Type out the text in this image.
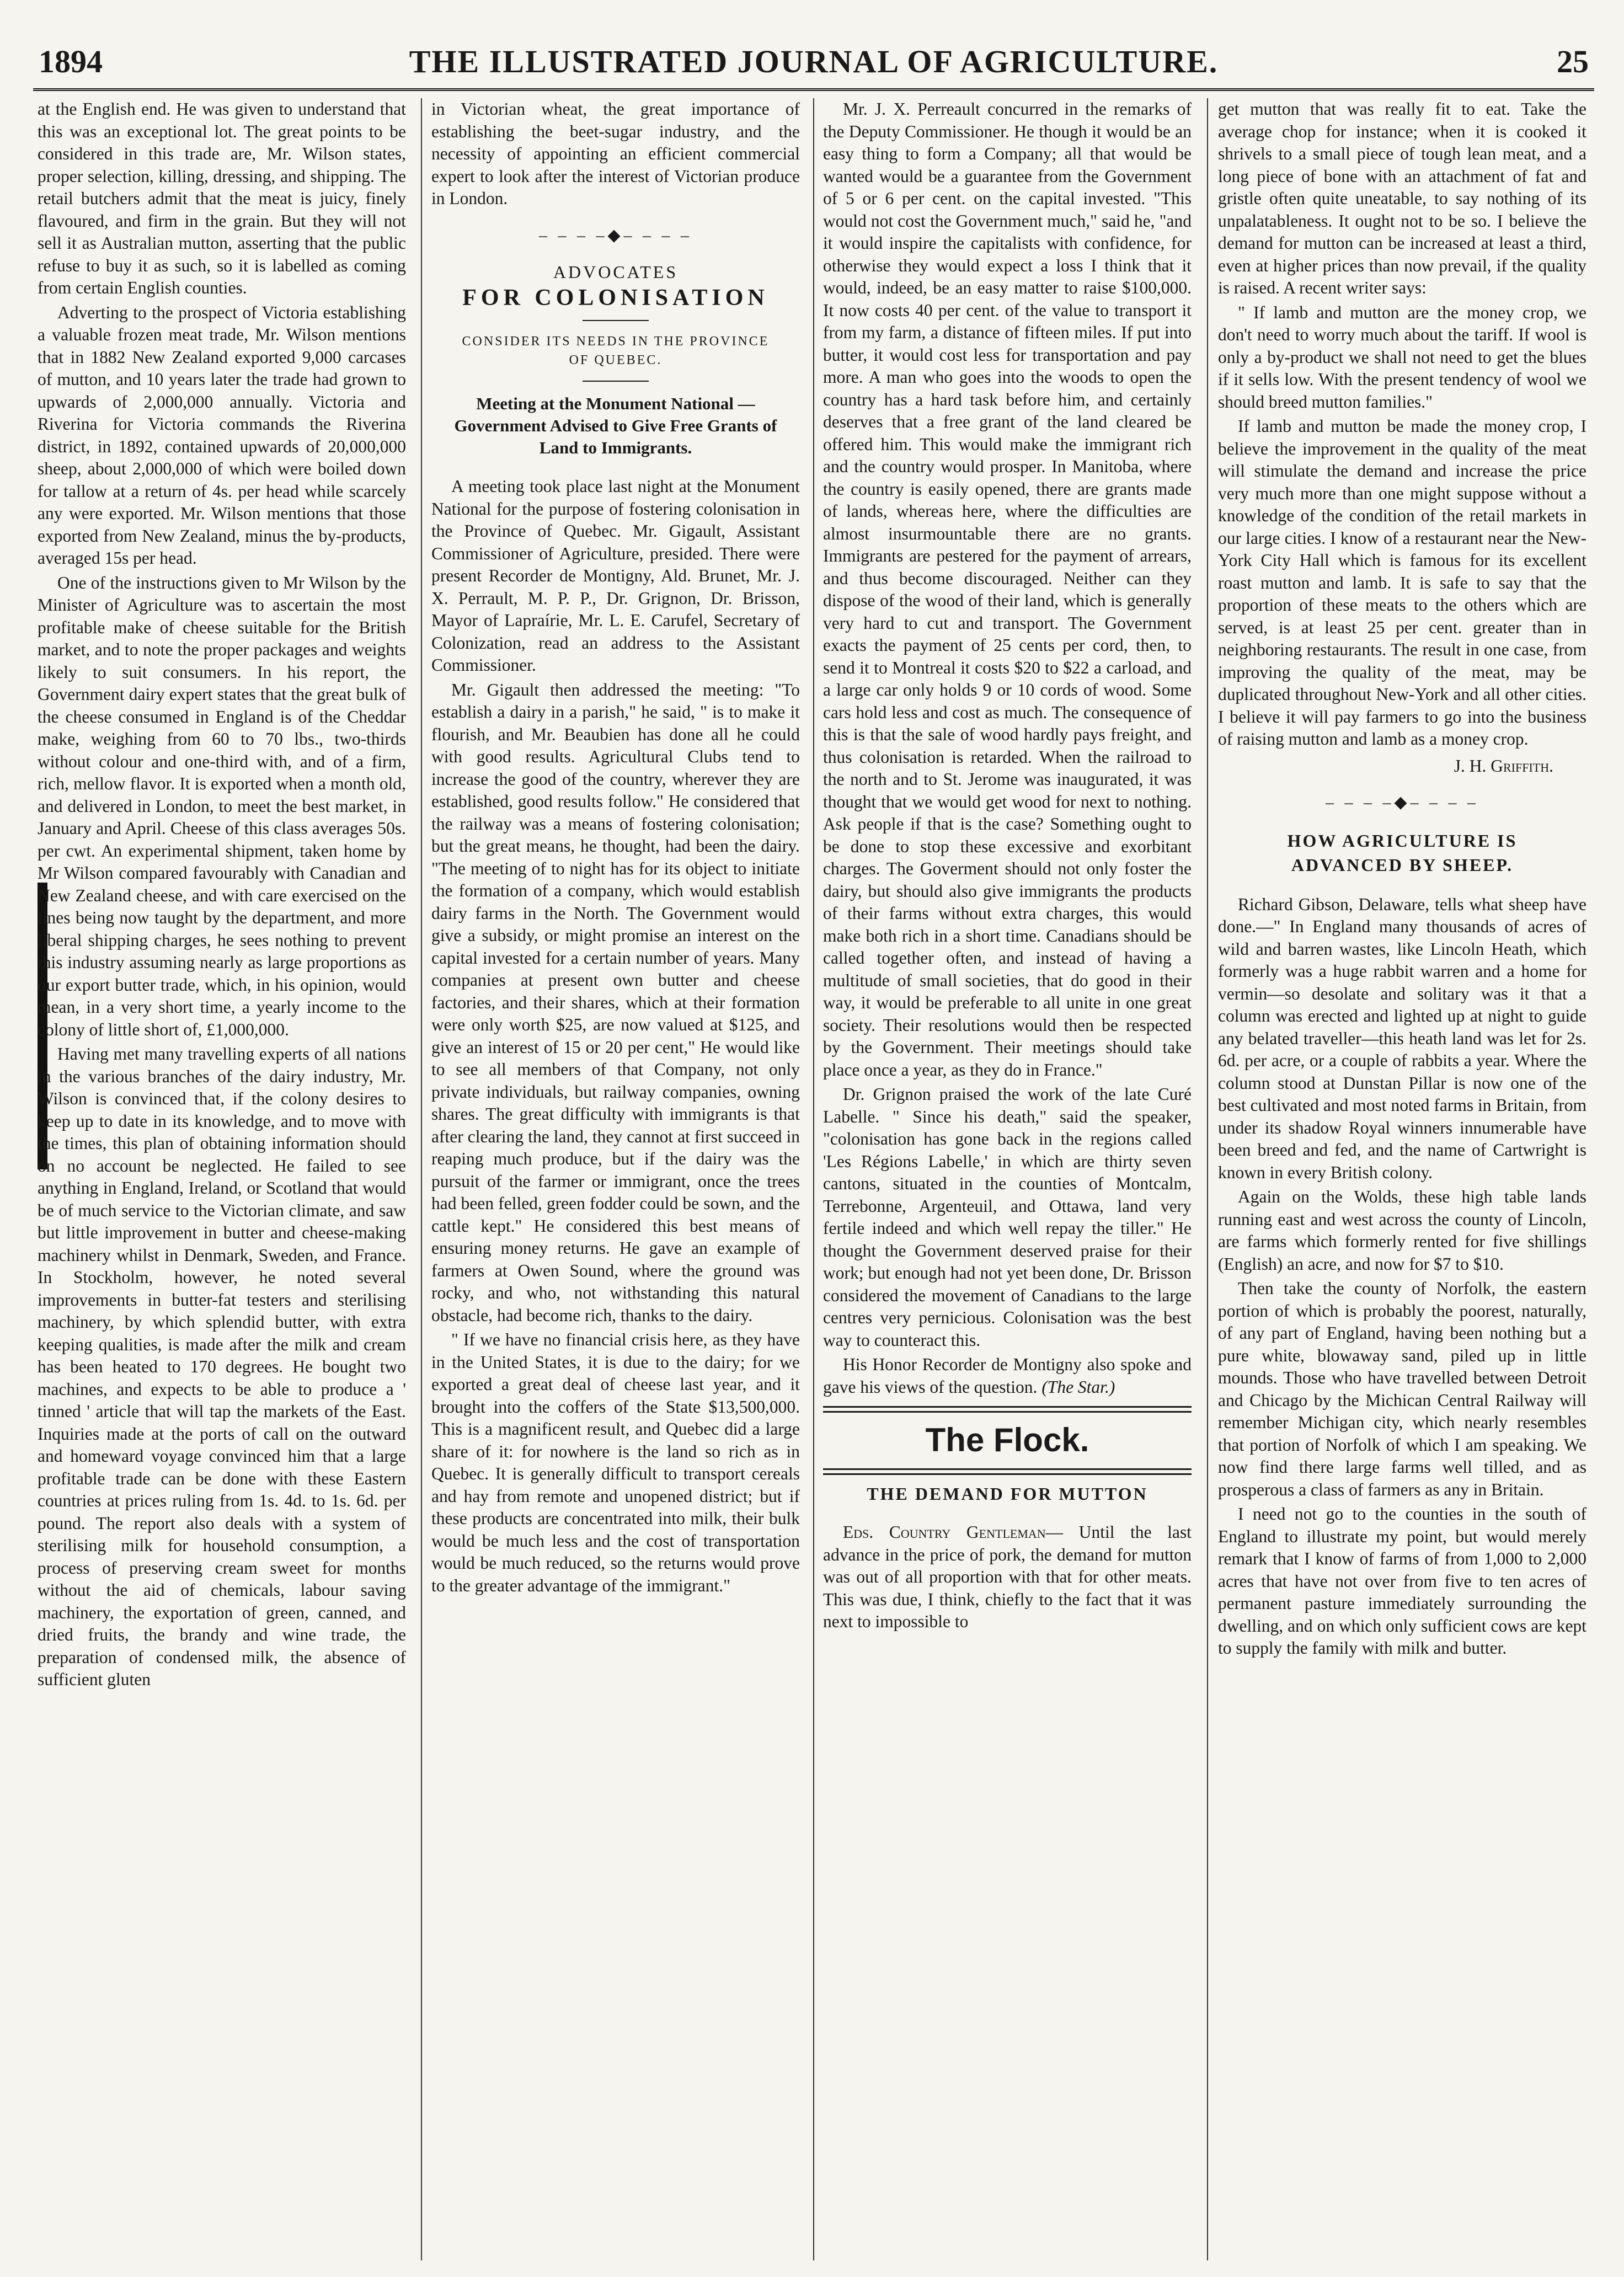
1894	THE ILLUSTRATED JOURNAL OF AGRICULTURE.	25

at the English end. He was given to understand that this was an exceptional lot. The great points to be considered in this trade are, Mr. Wilson states, proper selection, killing, dressing, and shipping. The retail butchers admit that the meat is juicy, finely flavoured, and firm in the grain. But they will not sell it as Australian mutton, asserting that the public refuse to buy it as such, so it is labelled as coming from certain English counties.

Adverting to the prospect of Victoria establishing a valuable frozen meat trade, Mr. Wilson mentions that in 1882 New Zealand exported 9,000 carcases of mutton, and 10 years later the trade had grown to upwards of 2,000,000 annually. Victoria and Riverina for Victoria commands the Riverina district, in 1892, contained upwards of 20,000,000 sheep, about 2,000,000 of which were boiled down for tallow at a return of 4s. per head while scarcely any were exported. Mr. Wilson mentions that those exported from New Zealand, minus the by-products, averaged 15s per head.

One of the instructions given to Mr Wilson by the Minister of Agriculture was to ascertain the most profitable make of cheese suitable for the British market, and to note the proper packages and weights likely to suit consumers. In his report, the Government dairy expert states that the great bulk of the cheese consumed in England is of the Cheddar make, weighing from 60 to 70 lbs., two-thirds without colour and one-third with, and of a firm, rich, mellow flavor. It is exported when a month old, and delivered in London, to meet the best market, in January and April. Cheese of this class averages 50s. per cwt. An experimental shipment, taken home by Mr Wilson compared favourably with Canadian and New Zealand cheese, and with care exercised on the lines being now taught by the department, and more liberal shipping charges, he sees nothing to prevent this industry assuming nearly as large proportions as our export butter trade, which, in his opinion, would mean, in a very short time, a yearly income to the colony of little short of, £1,000,000.

Having met many travelling experts of all nations in the various branches of the dairy industry, Mr. Wilson is convinced that, if the colony desires to keep up to date in its knowledge, and to move with the times, this plan of obtaining information should on no account be neglected. He failed to see anything in England, Ireland, or Scotland that would be of much service to the Victorian climate, and saw but little improvement in butter and cheese-making machinery whilst in Denmark, Sweden, and France. In Stockholm, however, he noted several improvements in butter-fat testers and sterilising machinery, by which splendid butter, with extra keeping qualities, is made after the milk and cream has been heated to 170 degrees. He bought two machines, and expects to be able to produce a ' tinned ' article that will tap the markets of the East. Inquiries made at the ports of call on the outward and homeward voyage convinced him that a large profitable trade can be done with these Eastern countries at prices ruling from 1s. 4d. to 1s. 6d. per pound. The report also deals with a system of sterilising milk for household consumption, a process of preserving cream sweet for months without the aid of chemicals, labour saving machinery, the exportation of green, canned, and dried fruits, the brandy and wine trade, the preparation of condensed milk, the absence of sufficient gluten

in Victorian wheat, the great importance of establishing the beet-sugar industry, and the necessity of appointing an efficient commercial expert to look after the interest of Victorian produce in London.

– – – –◆– – – –
ADVOCATES
FOR COLONISATION
CONSIDER ITS NEEDS IN THE PROVINCE OF QUEBEC.
Meeting at the Monument National — Government Advised to Give Free Grants of Land to Immigrants.

A meeting took place last night at the Monument National for the purpose of fostering colonisation in the Province of Quebec. Mr. Gigault, Assistant Commissioner of Agriculture, presided. There were present Recorder de Montigny, Ald. Brunet, Mr. J. X. Perrault, M. P. P., Dr. Grignon, Dr. Brisson, Mayor of Lapraírie, Mr. L. E. Carufel, Secretary of Colonization, read an address to the Assistant Commissioner.

Mr. Gigault then addressed the meeting: "To establish a dairy in a parish," he said, " is to make it flourish, and Mr. Beaubien has done all he could with good results. Agricultural Clubs tend to increase the good of the country, wherever they are established, good results follow." He considered that the railway was a means of fostering colonisation; but the great means, he thought, had been the dairy. "The meeting of to night has for its object to initiate the formation of a company, which would establish dairy farms in the North. The Government would give a subsidy, or might promise an interest on the capital invested for a certain number of years. Many companies at present own butter and cheese factories, and their shares, which at their formation were only worth $25, are now valued at $125, and give an interest of 15 or 20 per cent," He would like to see all members of that Company, not only private individuals, but railway companies, owning shares. The great difficulty with immigrants is that after clearing the land, they cannot at first succeed in reaping much produce, but if the dairy was the pursuit of the farmer or immigrant, once the trees had been felled, green fodder could be sown, and the cattle kept." He considered this best means of ensuring money returns. He gave an example of farmers at Owen Sound, where the ground was rocky, and who, not withstanding this natural obstacle, had become rich, thanks to the dairy.

" If we have no financial crisis here, as they have in the United States, it is due to the dairy; for we exported a great deal of cheese last year, and it brought into the coffers of the State $13,500,000. This is a magnificent result, and Quebec did a large share of it: for nowhere is the land so rich as in Quebec. It is generally difficult to transport cereals and hay from remote and unopened district; but if these products are concentrated into milk, their bulk would be much less and the cost of transportation would be much reduced, so the returns would prove to the greater advantage of the immigrant."

Mr. J. X. Perreault concurred in the remarks of the Deputy Commissioner. He though it would be an easy thing to form a Company; all that would be wanted would be a guarantee from the Government of 5 or 6 per cent. on the capital invested. "This would not cost the Government much," said he, "and it would inspire the capitalists with confidence, for otherwise they would expect a loss I think that it would, indeed, be an easy matter to raise $100,000. It now costs 40 per cent. of the value to transport it from my farm, a distance of fifteen miles. If put into butter, it would cost less for transportation and pay more. A man who goes into the woods to open the country has a hard task before him, and certainly deserves that a free grant of the land cleared be offered him. This would make the immigrant rich and the country would prosper. In Manitoba, where the country is easily opened, there are grants made of lands, whereas here, where the difficulties are almost insurmountable there are no grants. Immigrants are pestered for the payment of arrears, and thus become discouraged. Neither can they dispose of the wood of their land, which is generally very hard to cut and transport. The Government exacts the payment of 25 cents per cord, then, to send it to Montreal it costs $20 to $22 a carload, and a large car only holds 9 or 10 cords of wood. Some cars hold less and cost as much. The consequence of this is that the sale of wood hardly pays freight, and thus colonisation is retarded. When the railroad to the north and to St. Jerome was inaugurated, it was thought that we would get wood for next to nothing. Ask people if that is the case? Something ought to be done to stop these excessive and exorbitant charges. The Goverment should not only foster the dairy, but should also give immigrants the products of their farms without extra charges, this would make both rich in a short time. Canadians should be called together often, and instead of having a multitude of small societies, that do good in their way, it would be preferable to all unite in one great society. Their resolutions would then be respected by the Government. Their meetings should take place once a year, as they do in France."

Dr. Grignon praised the work of the late Curé Labelle. " Since his death," said the speaker, "colonisation has gone back in the regions called 'Les Régions Labelle,' in which are thirty seven cantons, situated in the counties of Montcalm, Terrebonne, Argenteuil, and Ottawa, land very fertile indeed and which well repay the tiller." He thought the Government deserved praise for their work; but enough had not yet been done, Dr. Brisson considered the movement of Canadians to the large centres very pernicious. Colonisation was the best way to counteract this.

His Honor Recorder de Montigny also spoke and gave his views of the question. (The Star.)

The Flock.
THE DEMAND FOR MUTTON

Eds. Country Gentleman— Until the last advance in the price of pork, the demand for mutton was out of all proportion with that for other meats. This was due, I think, chiefly to the fact that it was next to impossible to

get mutton that was really fit to eat. Take the average chop for instance; when it is cooked it shrivels to a small piece of tough lean meat, and a long piece of bone with an attachment of fat and gristle often quite uneatable, to say nothing of its unpalatableness. It ought not to be so. I believe the demand for mutton can be increased at least a third, even at higher prices than now prevail, if the quality is raised. A recent writer says:

" If lamb and mutton are the money crop, we don't need to worry much about the tariff. If wool is only a by-product we shall not need to get the blues if it sells low. With the present tendency of wool we should breed mutton families."

If lamb and mutton be made the money crop, I believe the improvement in the quality of the meat will stimulate the demand and increase the price very much more than one might suppose without a knowledge of the condition of the retail markets in our large cities. I know of a restaurant near the New-York City Hall which is famous for its excellent roast mutton and lamb. It is safe to say that the proportion of these meats to the others which are served, is at least 25 per cent. greater than in neighboring restaurants. The result in one case, from improving the quality of the meat, may be duplicated throughout New-York and all other cities. I believe it will pay farmers to go into the business of raising mutton and lamb as a money crop.

J. H. Griffith.
– – – –◆– – – –
HOW AGRICULTURE IS ADVANCED BY SHEEP.

Richard Gibson, Delaware, tells what sheep have done.—" In England many thousands of acres of wild and barren wastes, like Lincoln Heath, which formerly was a huge rabbit warren and a home for vermin—so desolate and solitary was it that a column was erected and lighted up at night to guide any belated traveller—this heath land was let for 2s. 6d. per acre, or a couple of rabbits a year. Where the column stood at Dunstan Pillar is now one of the best cultivated and most noted farms in Britain, from under its shadow Royal winners innumerable have been breed and fed, and the name of Cartwright is known in every British colony.

Again on the Wolds, these high table lands running east and west across the county of Lincoln, are farms which formerly rented for five shillings (English) an acre, and now for $7 to $10.

Then take the county of Norfolk, the eastern portion of which is probably the poorest, naturally, of any part of England, having been nothing but a pure white, blowaway sand, piled up in little mounds. Those who have travelled between Detroit and Chicago by the Michican Central Railway will remember Michigan city, which nearly resembles that portion of Norfolk of which I am speaking. We now find there large farms well tilled, and as prosperous a class of farmers as any in Britain.

I need not go to the counties in the south of England to illustrate my point, but would merely remark that I know of farms of from 1,000 to 2,000 acres that have not over from five to ten acres of permanent pasture immediately surrounding the dwelling, and on which only sufficient cows are kept to supply the family with milk and butter.
